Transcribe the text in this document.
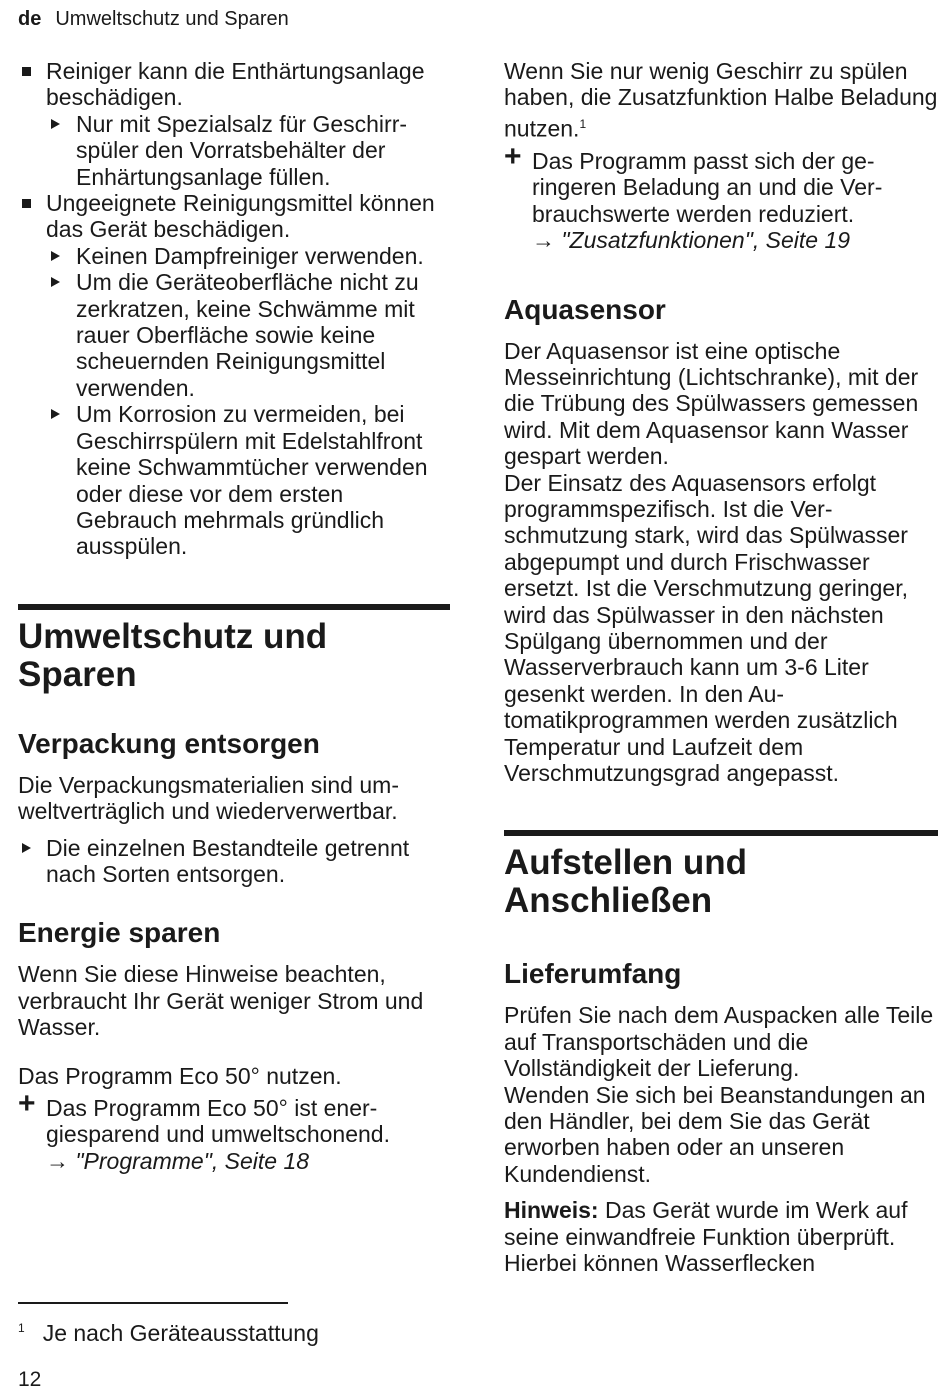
de Umweltschutz und Sparen
Reiniger kann die Enthärtungsanlage beschädigen.
Nur mit Spezialsalz für Geschirrspüler den Vorratsbehälter der Enhärtungsanlage füllen.
Ungeeignete Reinigungsmittel können das Gerät beschädigen.
Keinen Dampfreiniger verwenden.
Um die Geräteoberfläche nicht zu zerkratzen, keine Schwämme mit rauer Oberfläche sowie keine scheuernden Reinigungsmittel verwenden.
Um Korrosion zu vermeiden, bei Geschirrspülern mit Edelstahlfront keine Schwammtücher verwenden oder diese vor dem ersten Gebrauch mehrmals gründlich ausspülen.
Umweltschutz und Sparen
Verpackung entsorgen

Die Verpackungsmaterialien sind umweltverträglich und wiederverwertbar.

Die einzelnen Bestandteile getrennt nach Sorten entsorgen.
Energie sparen

Wenn Sie diese Hinweise beachten, verbraucht Ihr Gerät weniger Strom und Wasser.

Das Programm Eco 50° nutzen.

+ Das Programm Eco 50° ist energiesparend und umweltschonend.
→ "Programme", Seite 18

Wenn Sie nur wenig Geschirr zu spülen haben, die Zusatzfunktion Halbe Beladung nutzen.$^1$

+ Das Programm passt sich der geringeren Beladung an und die Verbrauchswerte werden reduziert.
→ "Zusatzfunktionen", Seite 19
Aquasensor

Der Aquasensor ist eine optische Messeinrichtung (Lichtschranke), mit der die Trübung des Spülwassers gemessen wird. Mit dem Aquasensor kann Wasser gespart werden.

Der Einsatz des Aquasensors erfolgt programmspezifisch. Ist die Verschmutzung stark, wird das Spülwasser abgepumpt und durch Frischwasser ersetzt. Ist die Verschmutzung geringer, wird das Spülwasser in den nächsten Spülgang übernommen und der Wasserverbrauch kann um 3-6 Liter gesenkt werden. In den Automatikprogrammen werden zusätzlich Temperatur und Laufzeit dem Verschmutzungsgrad angepasst.

Aufstellen und Anschließen
Lieferumfang

Prüfen Sie nach dem Auspacken alle Teile auf Transportschäden und die Vollständigkeit der Lieferung.

Wenden Sie sich bei Beanstandungen an den Händler, bei dem Sie das Gerät erworben haben oder an unseren Kundendienst.

Hinweis: Das Gerät wurde im Werk auf seine einwandfreie Funktion überprüft. Hierbei können Wasserflecken

$^1$ Je nach Geräteausstattung
12
